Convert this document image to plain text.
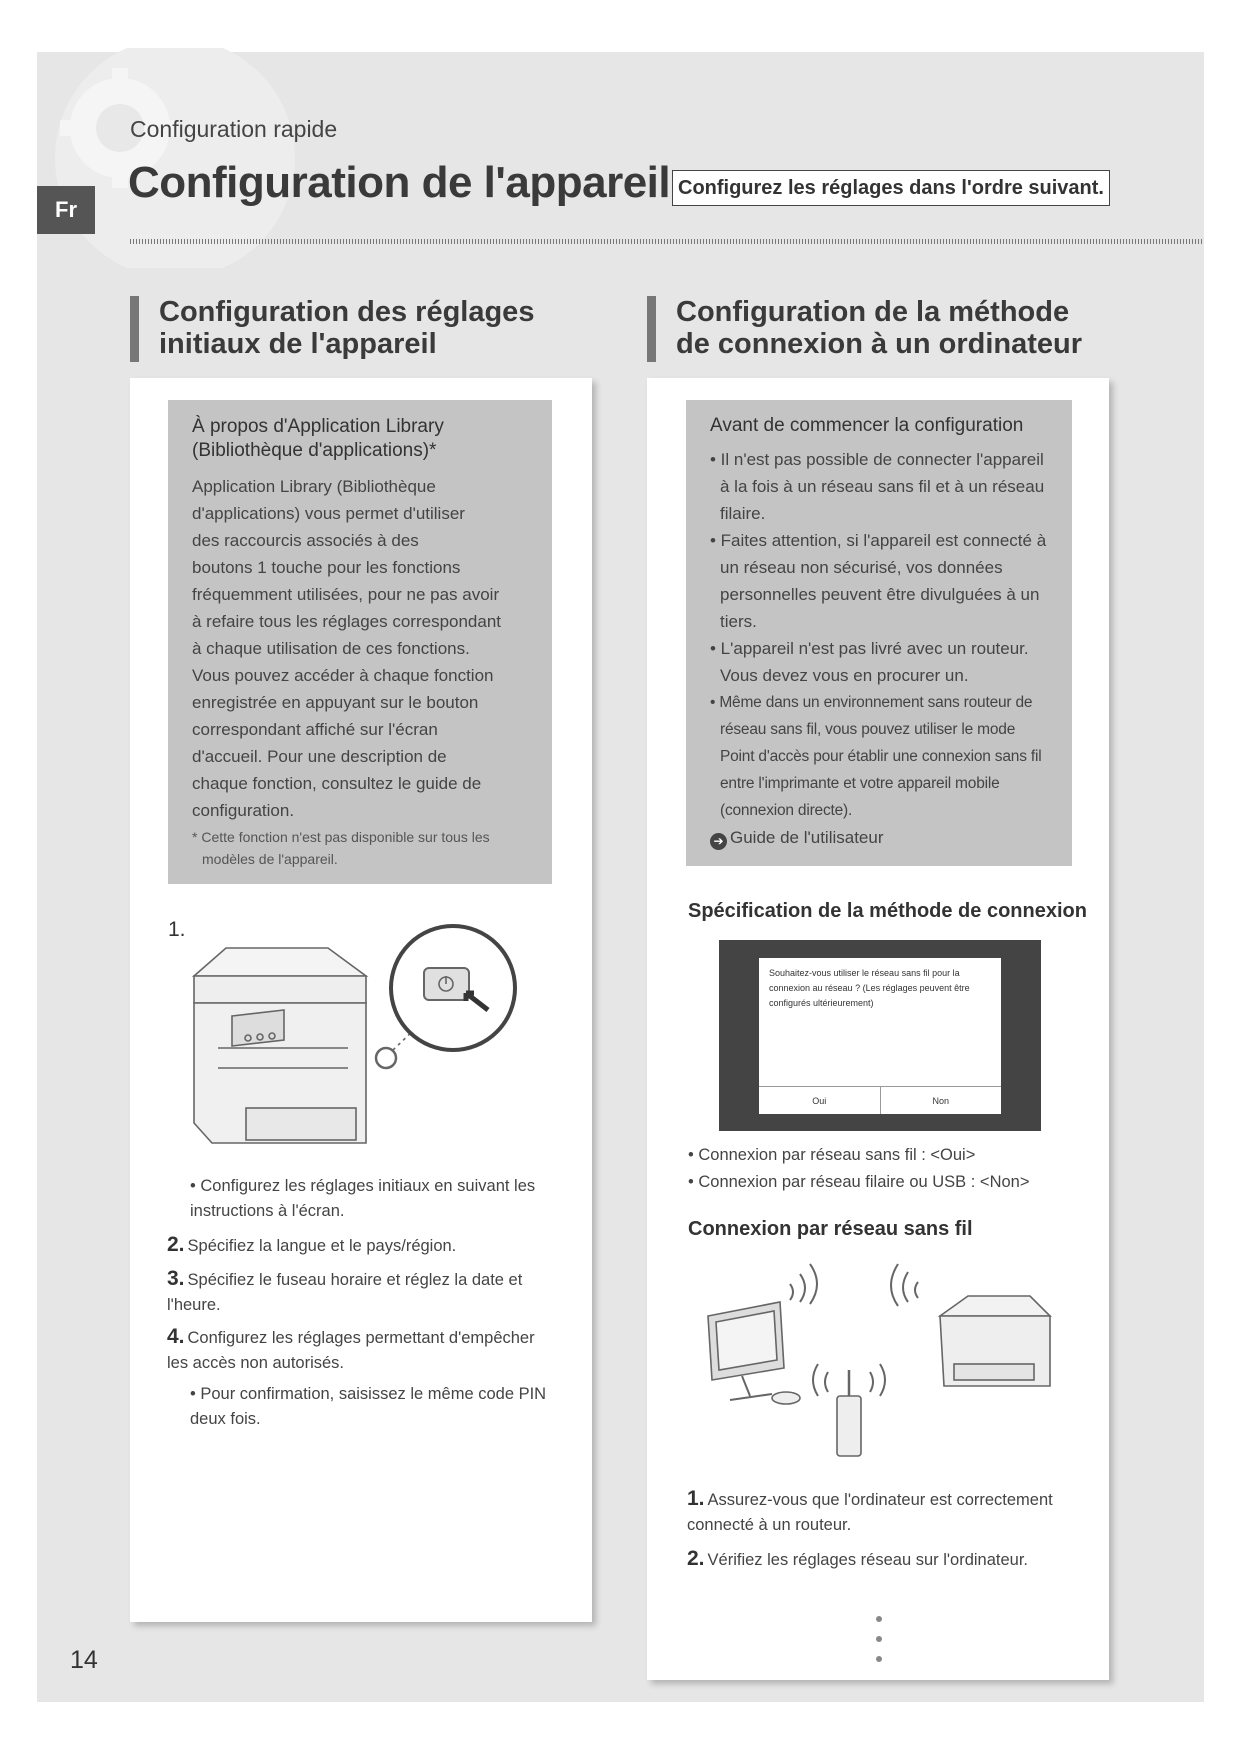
Configuration rapide
Configuration de l'appareil
Fr
Configurez les réglages dans l'ordre suivant.
Configuration des réglages
initiaux de l'appareil
À propos d'Application Library
(Bibliothèque d'applications)*

Application Library (Bibliothèque

d'applications) vous permet d'utiliser

des raccourcis associés à des

boutons 1 touche pour les fonctions

fréquemment utilisées, pour ne pas avoir

à refaire tous les réglages correspondant

à chaque utilisation de ces fonctions.

Vous pouvez accéder à chaque fonction

enregistrée en appuyant sur le bouton

correspondant affiché sur l'écran

d'accueil. Pour une description de

chaque fonction, consultez le guide de

configuration.

* Cette fonction n'est pas disponible sur tous les modèles de l'appareil.
1.
• Configurez les réglages initiaux en suivant les instructions à l'écran.
2. Spécifiez la langue et le pays/région.
3. Spécifiez le fuseau horaire et réglez la date et l'heure.
4. Configurez les réglages permettant d'empêcher les accès non autorisés.
• Pour confirmation, saisissez le même code PIN deux fois.
Configuration de la méthode
de connexion à un ordinateur
Avant de commencer la configuration
• Il n'est pas possible de connecter l'appareil à la fois à un réseau sans fil et à un réseau filaire.
• Faites attention, si l'appareil est connecté à un réseau non sécurisé, vos données personnelles peuvent être divulguées à un tiers.
• L'appareil n'est pas livré avec un routeur. Vous devez vous en procurer un.
• Même dans un environnement sans routeur de réseau sans fil, vous pouvez utiliser le mode Point d'accès pour établir une connexion sans fil entre l'imprimante et votre appareil mobile (connexion directe).
➔ Guide de l'utilisateur
Spécification de la méthode de connexion
Souhaitez-vous utiliser le réseau sans fil pour la connexion au réseau ? (Les réglages peuvent être configurés ultérieurement)
Oui	Non
• Connexion par réseau sans fil : <Oui>
• Connexion par réseau filaire ou USB : <Non>
Connexion par réseau sans fil
1. Assurez-vous que l'ordinateur est correctement connecté à un routeur.
2. Vérifiez les réglages réseau sur l'ordinateur.
14
